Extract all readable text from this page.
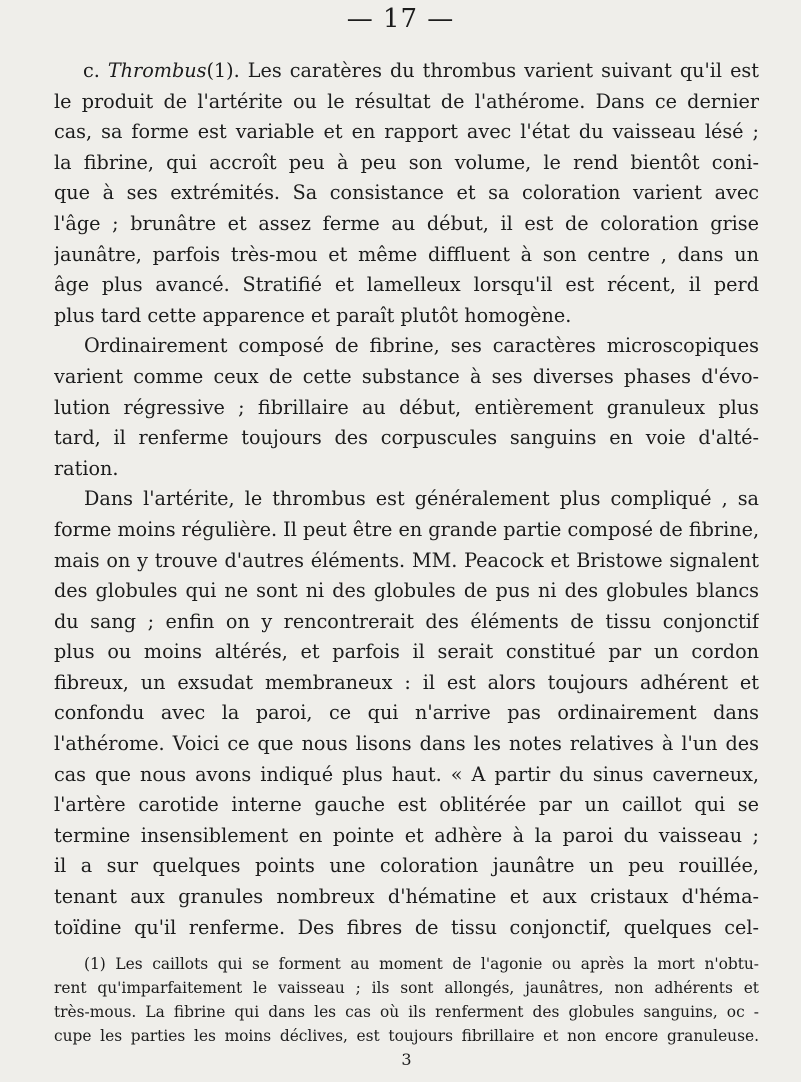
— 17 —
c. Thrombus(1). Les caratères du thrombus varient suivant qu'il est
le produit de l'artérite ou le résultat de l'athérome. Dans ce dernier
cas, sa forme est variable et en rapport avec l'état du vaisseau lésé ;
la fibrine, qui accroît peu à peu son volume, le rend bientôt coni-
que à ses extrémités. Sa consistance et sa coloration varient avec
l'âge ; brunâtre et assez ferme au début, il est de coloration grise
jaunâtre, parfois très-mou et même diffluent à son centre , dans un
âge plus avancé. Stratifié et lamelleux lorsqu'il est récent, il perd
plus tard cette apparence et paraît plutôt homogène.
Ordinairement composé de fibrine, ses caractères microscopiques
varient comme ceux de cette substance à ses diverses phases d'évo-
lution régressive ; fibrillaire au début, entièrement granuleux plus
tard, il renferme toujours des corpuscules sanguins en voie d'alté-
ration.
Dans l'artérite, le thrombus est généralement plus compliqué , sa
forme moins régulière. Il peut être en grande partie composé de fibrine,
mais on y trouve d'autres éléments. MM. Peacock et Bristowe signalent
des globules qui ne sont ni des globules de pus ni des globules blancs
du sang ; enfin on y rencontrerait des éléments de tissu conjonctif
plus ou moins altérés, et parfois il serait constitué par un cordon
fibreux, un exsudat membraneux : il est alors toujours adhérent et
confondu avec la paroi, ce qui n'arrive pas ordinairement dans
l'athérome. Voici ce que nous lisons dans les notes relatives à l'un des
cas que nous avons indiqué plus haut. « A partir du sinus caverneux,
l'artère carotide interne gauche est oblitérée par un caillot qui se
termine insensiblement en pointe et adhère à la paroi du vaisseau ;
il a sur quelques points une coloration jaunâtre un peu rouillée,
tenant aux granules nombreux d'hématine et aux cristaux d'héma-
toïdine qu'il renferme. Des fibres de tissu conjonctif, quelques cel-
(1) Les caillots qui se forment au moment de l'agonie ou après la mort n'obtu-
rent qu'imparfaitement le vaisseau ; ils sont allongés, jaunâtres, non adhérents et
très-mous. La fibrine qui dans les cas où ils renferment des globules sanguins, oc -
cupe les parties les moins déclives, est toujours fibrillaire et non encore granuleuse.
3
